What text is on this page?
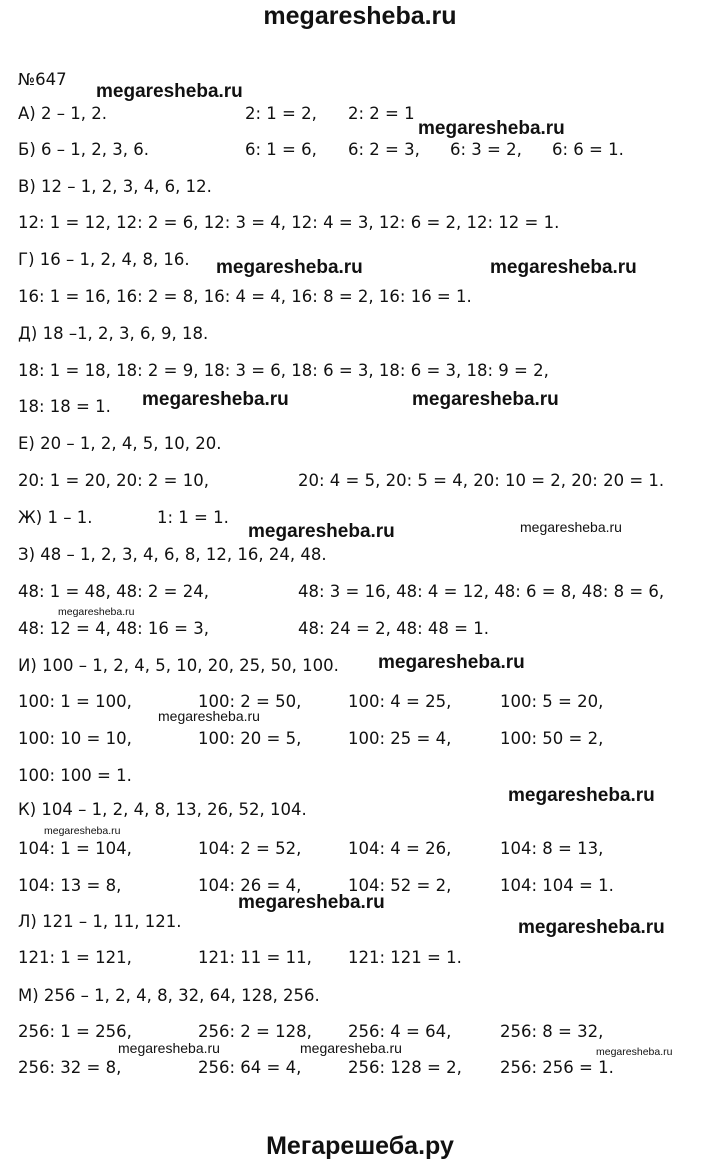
megaresheba.ru
№647
А) 2 – 1, 2.	2: 1 = 2, 2: 2 = 1
Б) 6 – 1, 2, 3, 6.	6: 1 = 6, 6: 2 = 3, 6: 3 = 2, 6: 6 = 1.
В) 12 – 1, 2, 3, 4, 6, 12.
12: 1 = 12, 12: 2 = 6, 12: 3 = 4, 12: 4 = 3, 12: 6 = 2, 12: 12 = 1.
Г) 16 – 1, 2, 4, 8, 16.
16: 1 = 16, 16: 2 = 8, 16: 4 = 4, 16: 8 = 2, 16: 16 = 1.
Д) 18 –1, 2, 3, 6, 9, 18.
18: 1 = 18, 18: 2 = 9, 18: 3 = 6, 18: 6 = 3, 18: 6 = 3, 18: 9 = 2,
18: 18 = 1.
Е) 20 – 1, 2, 4, 5, 10, 20.
20: 1 = 20, 20: 2 = 10,	20: 4 = 5, 20: 5 = 4, 20: 10 = 2, 20: 20 = 1.
Ж) 1 – 1.	1: 1 = 1.
З) 48 – 1, 2, 3, 4, 6, 8, 12, 16, 24, 48.
48: 1 = 48, 48: 2 = 24,	48: 3 = 16, 48: 4 = 12, 48: 6 = 8, 48: 8 = 6,
48: 12 = 4, 48: 16 = 3,	48: 24 = 2, 48: 48 = 1.
И) 100 – 1, 2, 4, 5, 10, 20, 25, 50, 100.
100: 1 = 100,	100: 2 = 50,	100: 4 = 25,	100: 5 = 20,
100: 10 = 10,	100: 20 = 5,	100: 25 = 4,	100: 50 = 2,
100: 100 = 1.
К) 104 – 1, 2, 4, 8, 13, 26, 52, 104.
104: 1 = 104,	104: 2 = 52,	104: 4 = 26,	104: 8 = 13,
104: 13 = 8,	104: 26 = 4,	104: 52 = 2,	104: 104 = 1.
Л) 121 – 1, 11, 121.
121: 1 = 121,	121: 11 = 11, 121: 121 = 1.
М) 256 – 1, 2, 4, 8, 32, 64, 128, 256.
256: 1 = 256,	256: 2 = 128, 256: 4 = 64,	256: 8 = 32,
256: 32 = 8,	256: 64 = 4,	256: 128 = 2, 256: 256 = 1.
megaresheba.ru
megaresheba.ru
megaresheba.ru	megaresheba.ru
megaresheba.ru	megaresheba.ru
megaresheba.ru	megaresheba.ru
megaresheba.ru
megaresheba.ru
megaresheba.ru
megaresheba.ru
megaresheba.ru
megaresheba.ru
megaresheba.ru
megaresheba.ru	megaresheba.ru	megaresheba.ru
Мегарешеба.ру
